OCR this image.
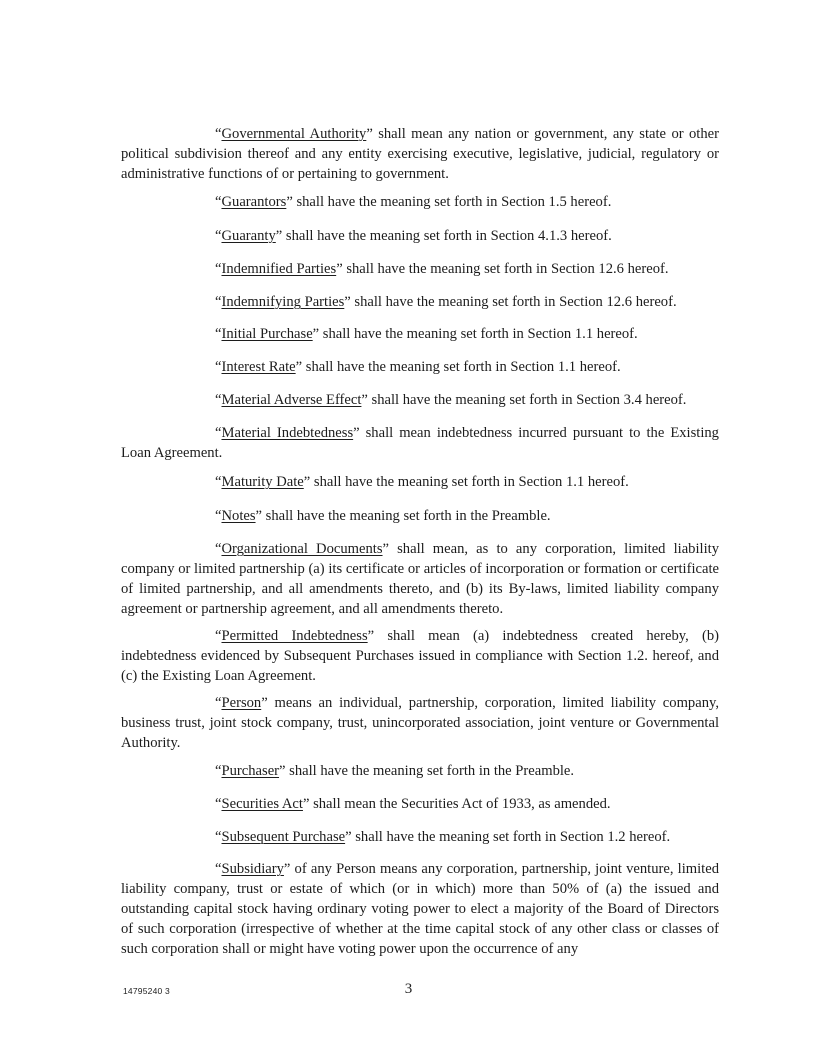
“Governmental Authority” shall mean any nation or government, any state or other political subdivision thereof and any entity exercising executive, legislative, judicial, regulatory or administrative functions of or pertaining to government.

“Guarantors” shall have the meaning set forth in Section 1.5 hereof.

“Guaranty” shall have the meaning set forth in Section 4.1.3 hereof.

“Indemnified Parties” shall have the meaning set forth in Section 12.6 hereof.

“Indemnifying Parties” shall have the meaning set forth in Section 12.6 hereof.

“Initial Purchase” shall have the meaning set forth in Section 1.1 hereof.

“Interest Rate” shall have the meaning set forth in Section 1.1 hereof.

“Material Adverse Effect” shall have the meaning set forth in Section 3.4 hereof.

“Material Indebtedness” shall mean indebtedness incurred pursuant to the Existing Loan Agreement.

“Maturity Date” shall have the meaning set forth in Section 1.1 hereof.

“Notes” shall have the meaning set forth in the Preamble.

“Organizational Documents” shall mean, as to any corporation, limited liability company or limited partnership (a) its certificate or articles of incorporation or formation or certificate of limited partnership, and all amendments thereto, and (b) its By-laws, limited liability company agreement or partnership agreement, and all amendments thereto.

“Permitted Indebtedness” shall mean (a) indebtedness created hereby, (b) indebtedness evidenced by Subsequent Purchases issued in compliance with Section 1.2. hereof, and (c) the Existing Loan Agreement.

“Person” means an individual, partnership, corporation, limited liability company, business trust, joint stock company, trust, unincorporated association, joint venture or Governmental Authority.

“Purchaser” shall have the meaning set forth in the Preamble.

“Securities Act” shall mean the Securities Act of 1933, as amended.

“Subsequent Purchase” shall have the meaning set forth in Section 1.2 hereof.

“Subsidiary” of any Person means any corporation, partnership, joint venture, limited liability company, trust or estate of which (or in which) more than 50% of (a) the issued and outstanding capital stock having ordinary voting power to elect a majority of the Board of Directors of such corporation (irrespective of whether at the time capital stock of any other class or classes of such corporation shall or might have voting power upon the occurrence of any

14795240 3	3
